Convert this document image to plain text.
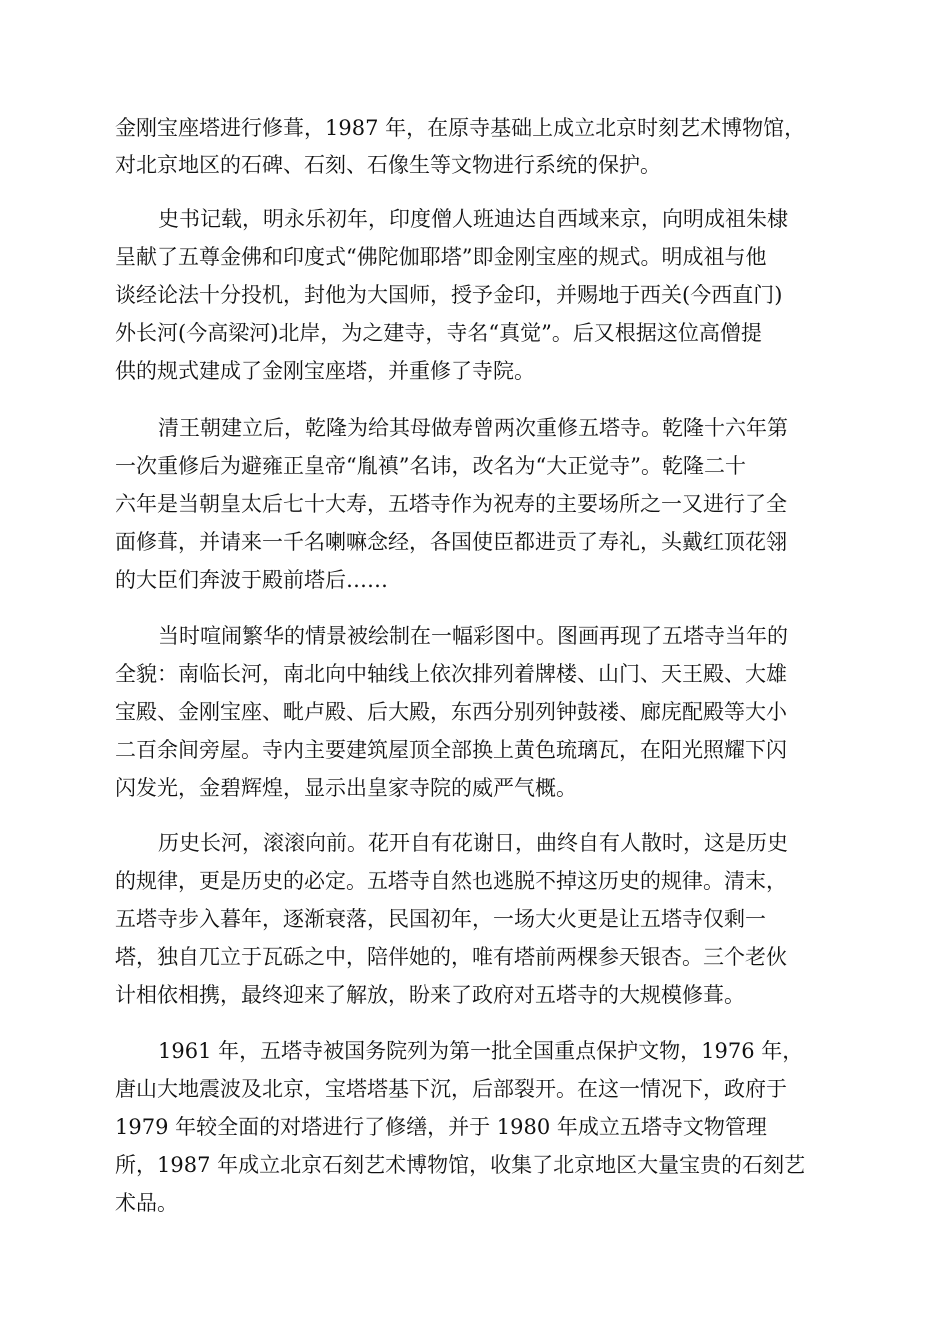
金刚宝座塔进行修葺，1987 年，在原寺基础上成立北京时刻艺术博物馆，

对北京地区的石碑、石刻、石像生等文物进行系统的保护。

史书记载，明永乐初年，印度僧人班迪达自西域来京，向明成祖朱棣

呈献了五尊金佛和印度式“佛陀伽耶塔”即金刚宝座的规式。明成祖与他

谈经论法十分投机，封他为大国师，授予金印，并赐地于西关(今西直门)

外长河(今高梁河)北岸，为之建寺，寺名“真觉”。后又根据这位高僧提

供的规式建成了金刚宝座塔，并重修了寺院。

清王朝建立后，乾隆为给其母做寿曾两次重修五塔寺。乾隆十六年第

一次重修后为避雍正皇帝“胤禛”名讳，改名为“大正觉寺”。乾隆二十

六年是当朝皇太后七十大寿，五塔寺作为祝寿的主要场所之一又进行了全

面修葺，并请来一千名喇嘛念经，各国使臣都进贡了寿礼，头戴红顶花翎

的大臣们奔波于殿前塔后……

当时喧闹繁华的情景被绘制在一幅彩图中。图画再现了五塔寺当年的

全貌：南临长河，南北向中轴线上依次排列着牌楼、山门、天王殿、大雄

宝殿、金刚宝座、毗卢殿、后大殿，东西分别列钟鼓褛、廊庑配殿等大小

二百余间旁屋。寺内主要建筑屋顶全部换上黄色琉璃瓦，在阳光照耀下闪

闪发光，金碧辉煌，显示出皇家寺院的威严气概。

历史长河，滚滚向前。花开自有花谢日，曲终自有人散时，这是历史

的规律，更是历史的必定。五塔寺自然也逃脱不掉这历史的规律。清末，

五塔寺步入暮年，逐渐衰落，民国初年，一场大火更是让五塔寺仅剩一

塔，独自兀立于瓦砾之中，陪伴她的，唯有塔前两棵参天银杏。三个老伙

计相依相携，最终迎来了解放，盼来了政府对五塔寺的大规模修葺。

1961 年，五塔寺被国务院列为第一批全国重点保护文物，1976 年，

唐山大地震波及北京，宝塔塔基下沉，后部裂开。在这一情况下，政府于

1979 年较全面的对塔进行了修缮，并于 1980 年成立五塔寺文物管理

所，1987 年成立北京石刻艺术博物馆，收集了北京地区大量宝贵的石刻艺

术品。
